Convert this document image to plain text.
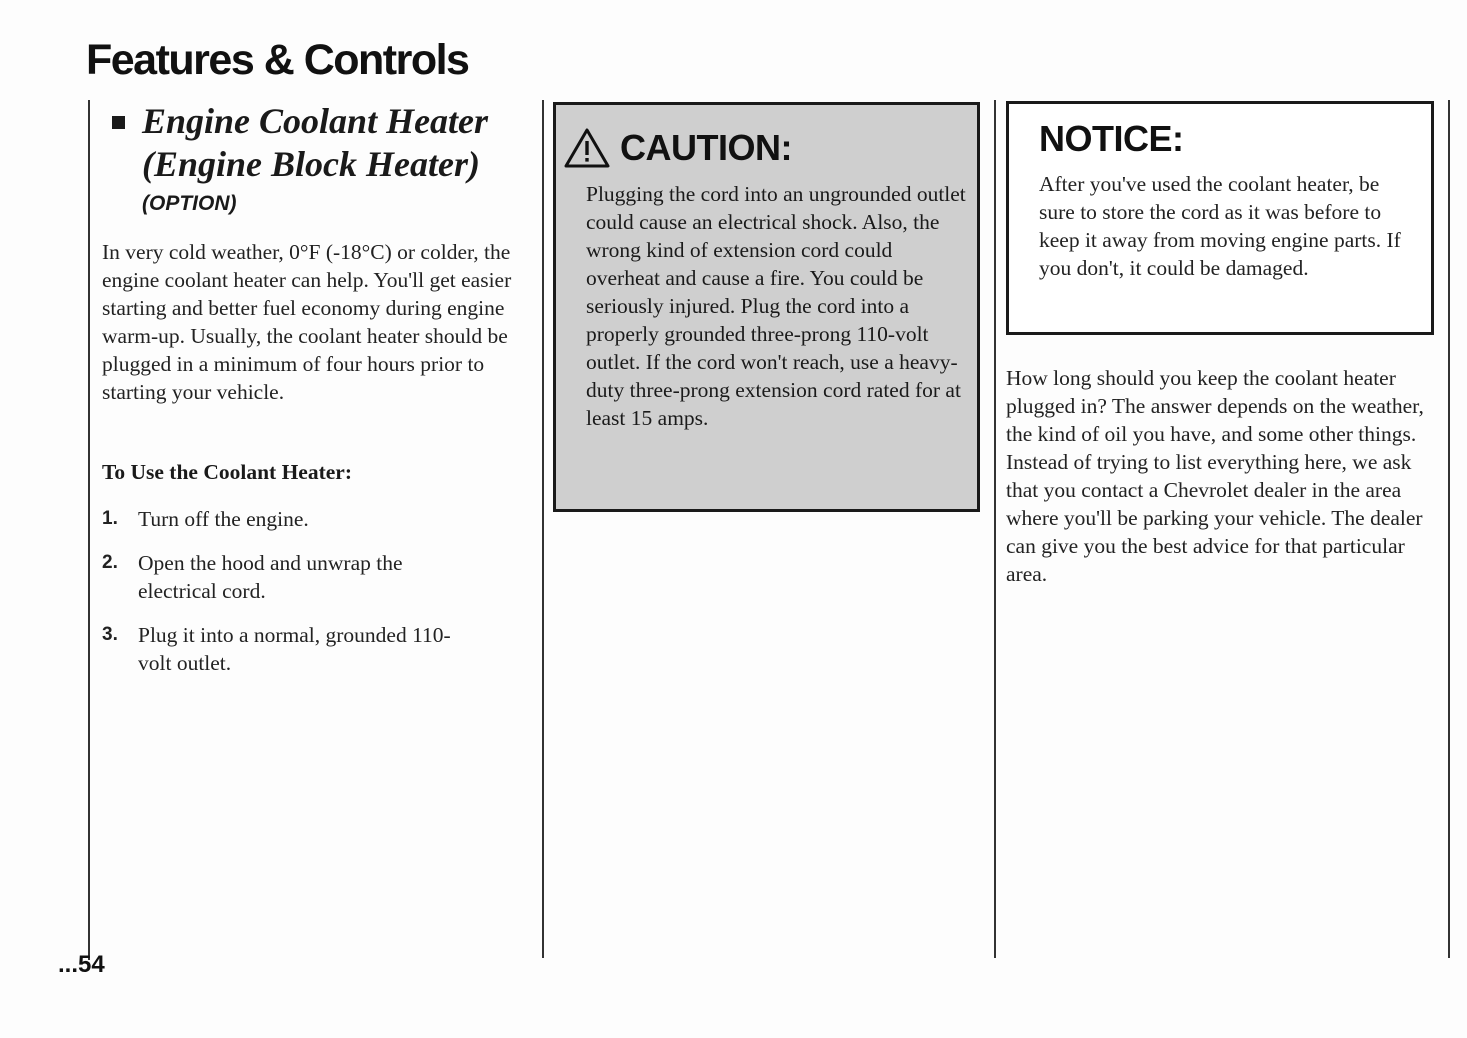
Features & Controls
Engine Coolant Heater
(Engine Block Heater)
(OPTION)

In very cold weather, 0°F (-18°C) or colder, the engine coolant heater can help. You'll get easier starting and better fuel economy during engine warm-up. Usually, the coolant heater should be plugged in a minimum of four hours prior to starting your vehicle.

To Use the Coolant Heater:
1. Turn off the engine.
2. Open the hood and unwrap the electrical cord.
3. Plug it into a normal, grounded 110-volt outlet.
...54
CAUTION:

Plugging the cord into an ungrounded outlet could cause an electrical shock. Also, the wrong kind of extension cord could overheat and cause a fire. You could be seriously injured. Plug the cord into a properly grounded three-prong 110-volt outlet. If the cord won't reach, use a heavy-duty three-prong extension cord rated for at least 15 amps.

NOTICE:

After you've used the coolant heater, be sure to store the cord as it was before to keep it away from moving engine parts. If you don't, it could be damaged.

How long should you keep the coolant heater plugged in? The answer depends on the weather, the kind of oil you have, and some other things. Instead of trying to list everything here, we ask that you contact a Chevrolet dealer in the area where you'll be parking your vehicle. The dealer can give you the best advice for that particular area.
